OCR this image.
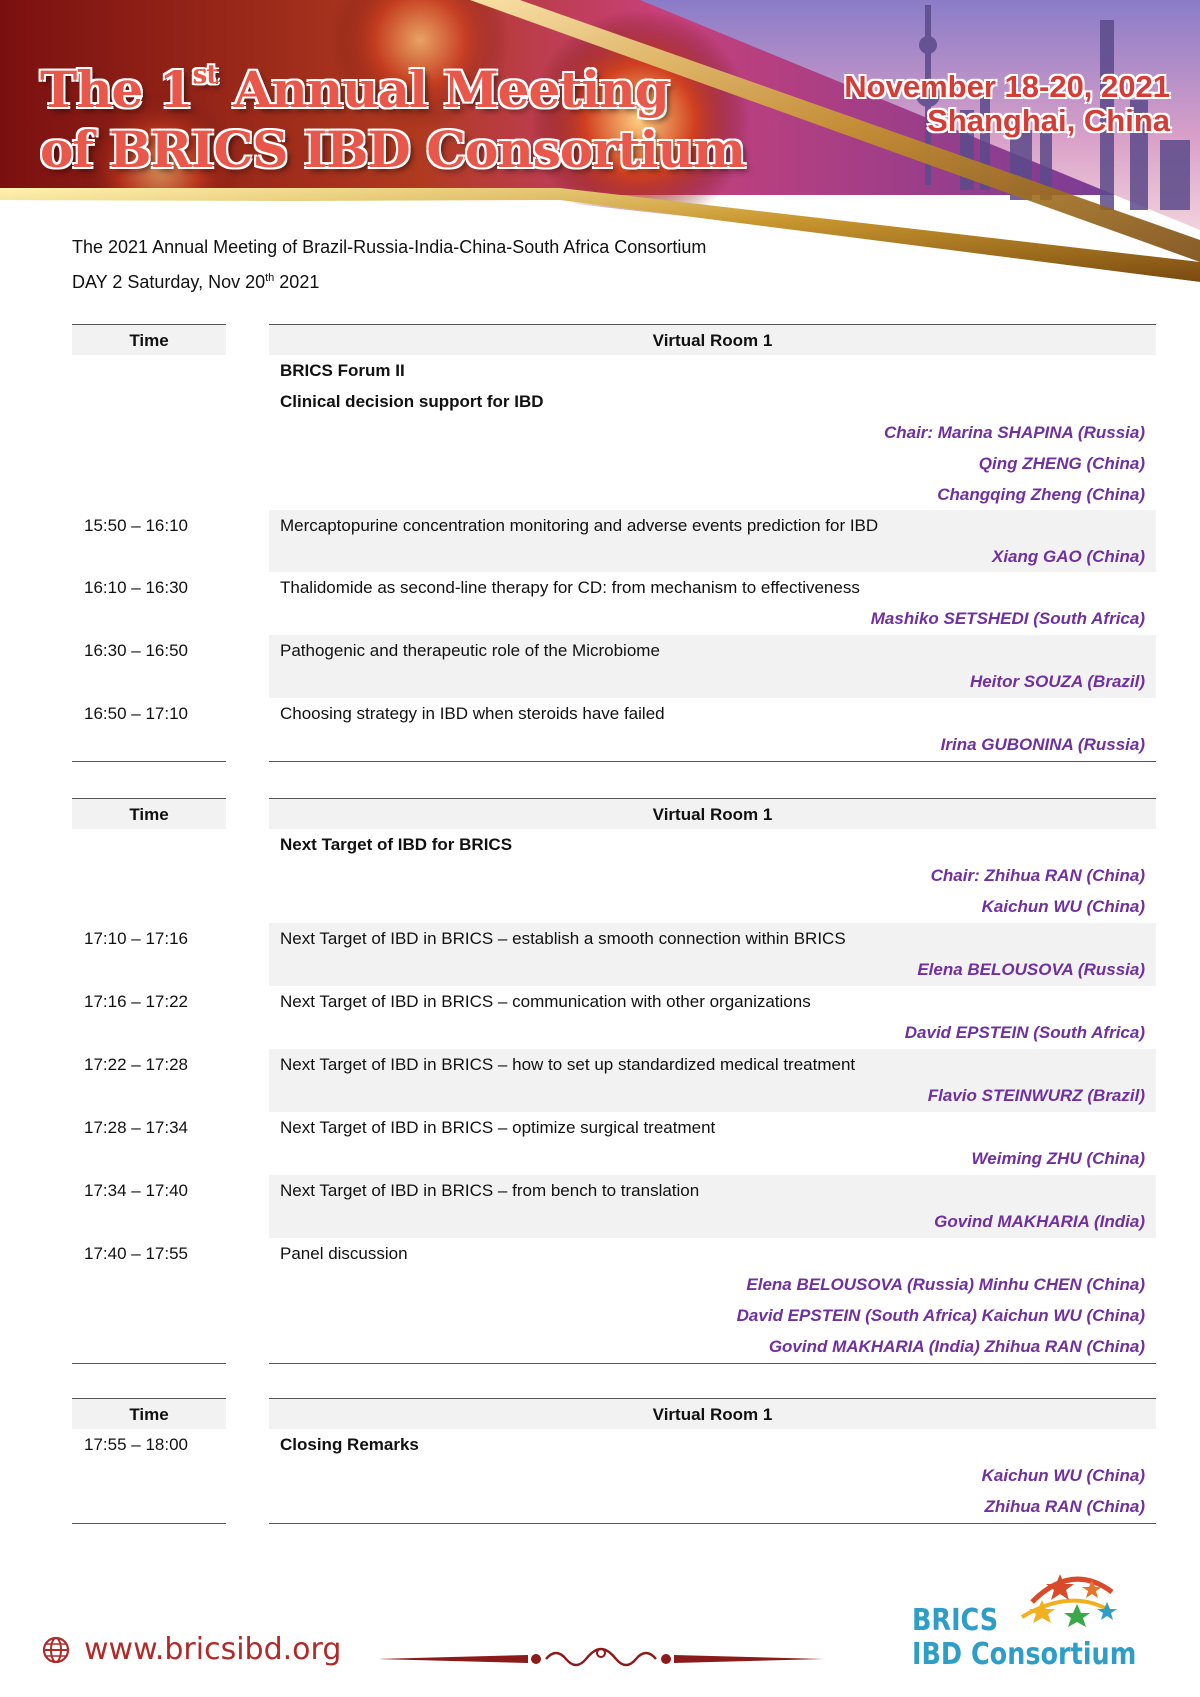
The 1st Annual Meeting
of BRICS IBD Consortium
November 18-20, 2021
Shanghai, China
The 2021 Annual Meeting of Brazil-Russia-India-China-South Africa Consortium
DAY 2 Saturday, Nov 20th 2021
Time	Virtual Room 1
BRICS Forum II
Clinical decision support for IBD
Chair: Marina SHAPINA (Russia)
Qing ZHENG (China)
Changqing Zheng (China)
15:50 – 16:10	Mercaptopurine concentration monitoring and adverse events prediction for IBD
Xiang GAO (China)
16:10 – 16:30	Thalidomide as second-line therapy for CD: from mechanism to effectiveness
Mashiko SETSHEDI (South Africa)
16:30 – 16:50	Pathogenic and therapeutic role of the Microbiome
Heitor SOUZA (Brazil)
16:50 – 17:10	Choosing strategy in IBD when steroids have failed
Irina GUBONINA (Russia)
Time	Virtual Room 1
Next Target of IBD for BRICS
Chair: Zhihua RAN (China)
Kaichun WU (China)
17:10 – 17:16	Next Target of IBD in BRICS – establish a smooth connection within BRICS
Elena BELOUSOVA (Russia)
17:16 – 17:22	Next Target of IBD in BRICS – communication with other organizations
David EPSTEIN (South Africa)
17:22 – 17:28	Next Target of IBD in BRICS – how to set up standardized medical treatment
Flavio STEINWURZ (Brazil)
17:28 – 17:34	Next Target of IBD in BRICS – optimize surgical treatment
Weiming ZHU (China)
17:34 – 17:40	Next Target of IBD in BRICS – from bench to translation
Govind MAKHARIA (India)
17:40 – 17:55	Panel discussion
Elena BELOUSOVA (Russia) Minhu CHEN (China)
David EPSTEIN (South Africa) Kaichun WU (China)
Govind MAKHARIA (India) Zhihua RAN (China)
Time	Virtual Room 1
17:55 – 18:00	Closing Remarks
Kaichun WU (China)
Zhihua RAN (China)
www.bricsibd.org
BRICS
IBD Consortium
